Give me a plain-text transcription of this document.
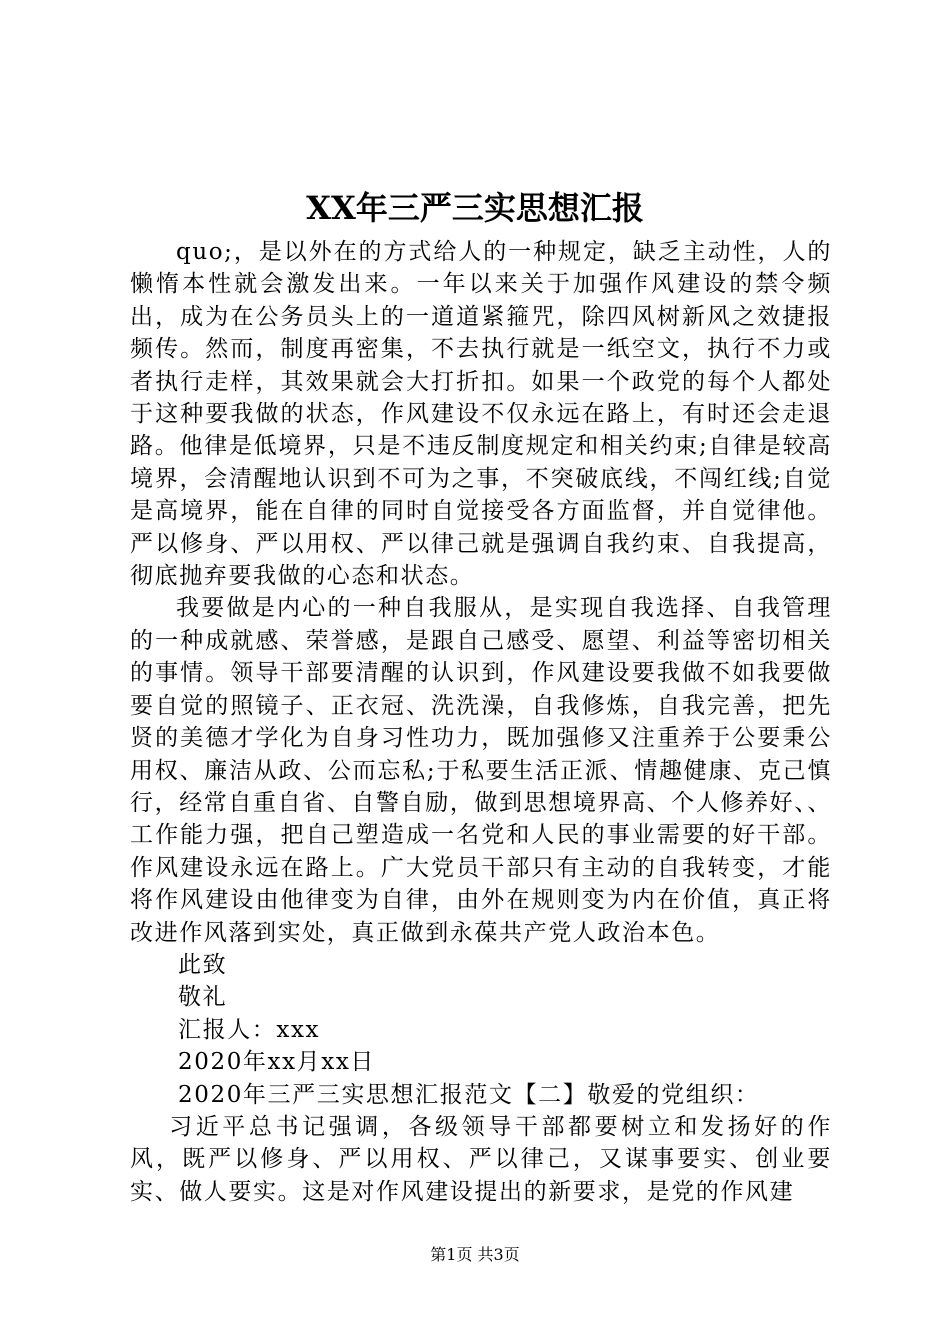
XX年三严三实思想汇报

quo;，是以外在的方式给人的一种规定，缺乏主动性，人的懒惰本性就会激发出来。一年以来关于加强作风建设的禁令频出，成为在公务员头上的一道道紧箍咒，除四风树新风之效捷报频传。然而，制度再密集，不去执行就是一纸空文，执行不力或者执行走样，其效果就会大打折扣。如果一个政党的每个人都处于这种要我做的状态，作风建设不仅永远在路上，有时还会走退路。他律是低境界，只是不违反制度规定和相关约束;自律是较高境界，会清醒地认识到不可为之事，不突破底线，不闯红线;自觉是高境界，能在自律的同时自觉接受各方面监督，并自觉律他。严以修身、严以用权、严以律己就是强调自我约束、自我提高，彻底抛弃要我做的心态和状态。

我要做是内心的一种自我服从，是实现自我选择、自我管理的一种成就感、荣誉感，是跟自己感受、愿望、利益等密切相关的事情。领导干部要清醒的认识到，作风建设要我做不如我要做要自觉的照镜子、正衣冠、洗洗澡，自我修炼，自我完善，把先贤的美德才学化为自身习性功力，既加强修又注重养于公要秉公用权、廉洁从政、公而忘私;于私要生活正派、情趣健康、克己慎行，经常自重自省、自警自励，做到思想境界高、个人修养好、、工作能力强，把自己塑造成一名党和人民的事业需要的好干部。作风建设永远在路上。广大党员干部只有主动的自我转变，才能将作风建设由他律变为自律，由外在规则变为内在价值，真正将改进作风落到实处，真正做到永葆共产党人政治本色。

此致

敬礼

汇报人：xxx

2020年xx月xx日

2020年三严三实思想汇报范文【二】敬爱的党组织：

习近平总书记强调，各级领导干部都要树立和发扬好的作风，既严以修身、严以用权、严以律己，又谋事要实、创业要实、做人要实。这是对作风建设提出的新要求，是党的作风建

第1页 共3页
